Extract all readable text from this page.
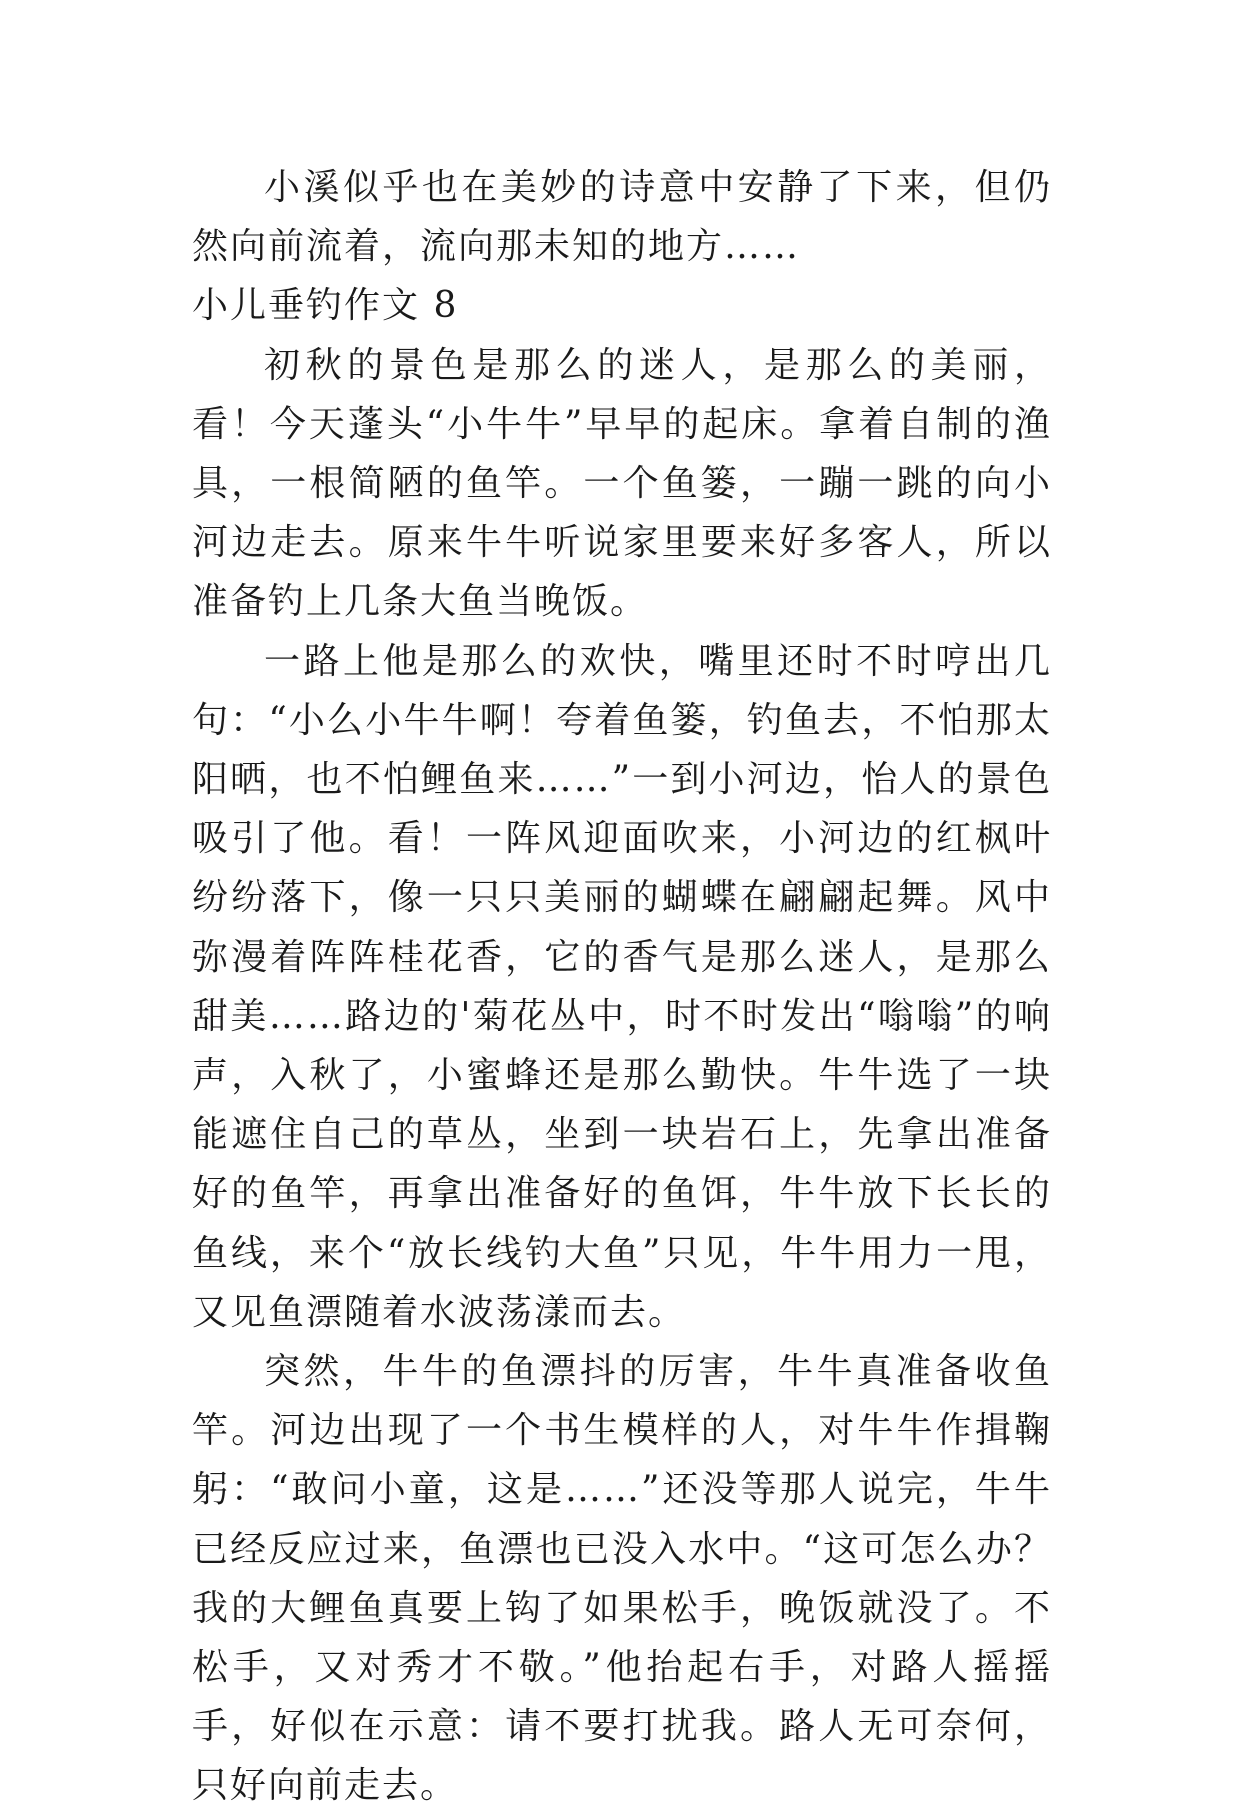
小溪似乎也在美妙的诗意中安静了下来，但仍然向前流着，流向那未知的地方……

小儿垂钓作文 8

初秋的景色是那么的迷人，是那么的美丽，看！今天蓬头“小牛牛”早早的起床。拿着自制的渔具，一根简陋的鱼竿。一个鱼篓，一蹦一跳的向小河边走去。原来牛牛听说家里要来好多客人，所以准备钓上几条大鱼当晚饭。

一路上他是那么的欢快，嘴里还时不时哼出几句：“小么小牛牛啊！夸着鱼篓，钓鱼去，不怕那太阳晒，也不怕鲤鱼来……”一到小河边，怡人的景色吸引了他。看！一阵风迎面吹来，小河边的红枫叶纷纷落下，像一只只美丽的蝴蝶在翩翩起舞。风中弥漫着阵阵桂花香，它的香气是那么迷人，是那么甜美……路边的'菊花丛中，时不时发出“嗡嗡”的响声，入秋了，小蜜蜂还是那么勤快。牛牛选了一块能遮住自己的草丛，坐到一块岩石上，先拿出准备好的鱼竿，再拿出准备好的鱼饵，牛牛放下长长的鱼线，来个“放长线钓大鱼”只见，牛牛用力一甩，又见鱼漂随着水波荡漾而去。

突然，牛牛的鱼漂抖的厉害，牛牛真准备收鱼竿。河边出现了一个书生模样的人，对牛牛作揖鞠躬：“敢问小童，这是……”还没等那人说完，牛牛已经反应过来，鱼漂也已没入水中。“这可怎么办？我的大鲤鱼真要上钩了如果松手，晚饭就没了。不松手，又对秀才不敬。”他抬起右手，对路人摇摇手，好似在示意：请不要打扰我。路人无可奈何，只好向前走去。
